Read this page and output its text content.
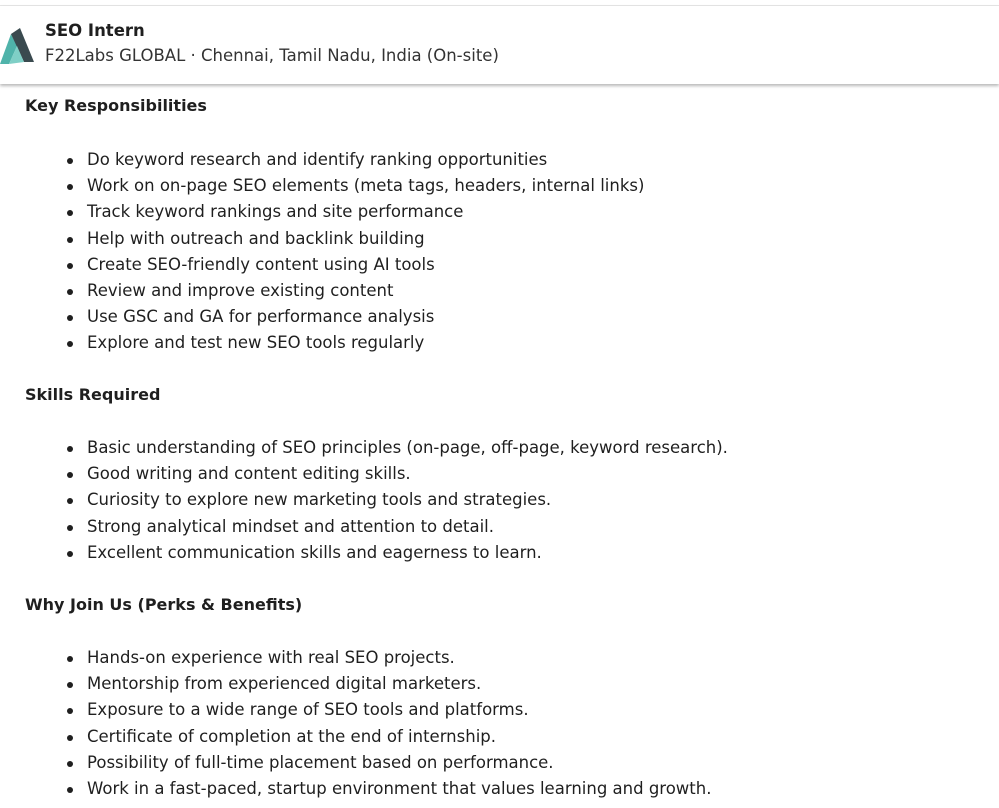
SEO Intern
F22Labs GLOBAL · Chennai, Tamil Nadu, India (On-site)
Key Responsibilities
Do keyword research and identify ranking opportunities
Work on on-page SEO elements (meta tags, headers, internal links)
Track keyword rankings and site performance
Help with outreach and backlink building
Create SEO-friendly content using AI tools
Review and improve existing content
Use GSC and GA for performance analysis
Explore and test new SEO tools regularly
Skills Required
Basic understanding of SEO principles (on-page, off-page, keyword research).
Good writing and content editing skills.
Curiosity to explore new marketing tools and strategies.
Strong analytical mindset and attention to detail.
Excellent communication skills and eagerness to learn.
Why Join Us (Perks & Benefits)
Hands-on experience with real SEO projects.
Mentorship from experienced digital marketers.
Exposure to a wide range of SEO tools and platforms.
Certificate of completion at the end of internship.
Possibility of full-time placement based on performance.
Work in a fast-paced, startup environment that values learning and growth.
